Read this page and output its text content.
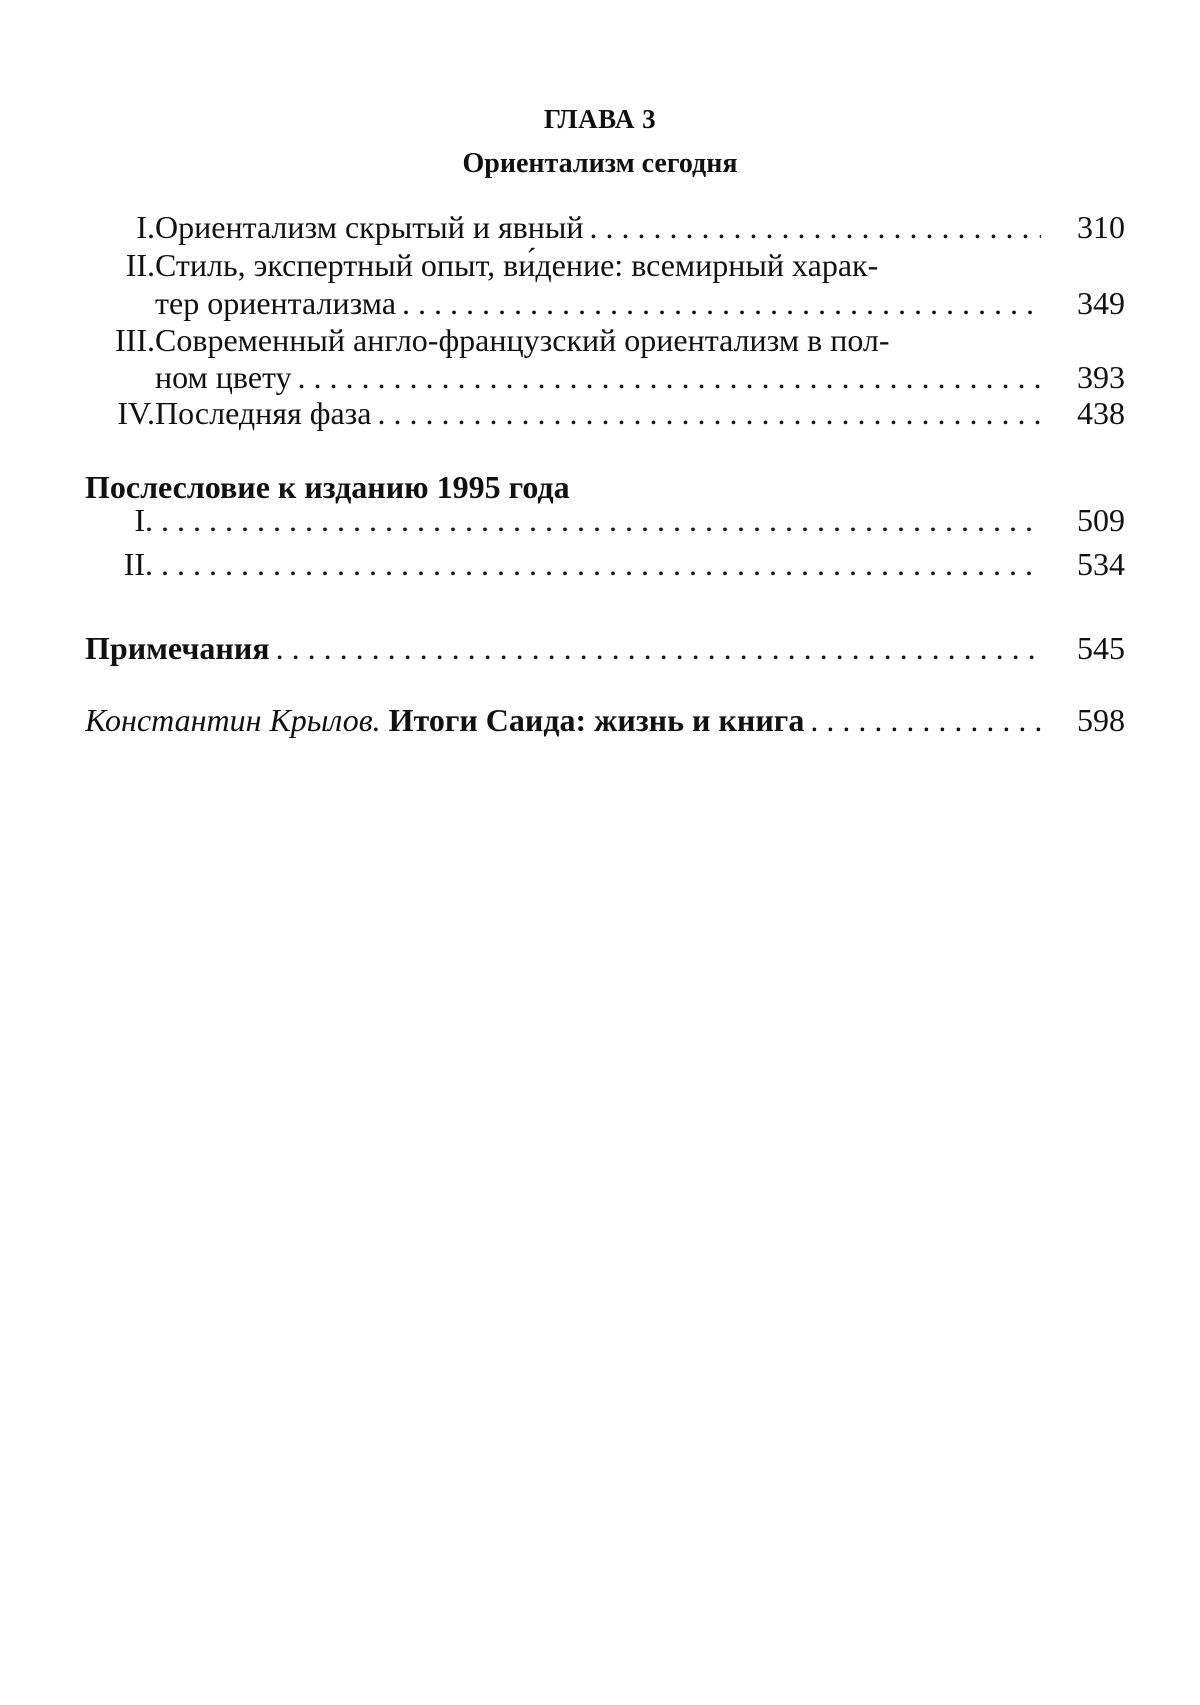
ГЛАВА 3
Ориентализм сегодня
I. Ориентализм скрытый и явный . . .	310
II. Стиль, экспертный опыт, ви́дение: всемирный харак-
тер ориентализма . . .	349
III. Современный англо-французский ориентализм в пол-
ном цвету . . .	393
IV. Последняя фаза . . .	438
Послесловие к изданию 1995 года
I . . .	509
II . . .	534
Примечания . . .	545
Константин Крылов.
Итоги Саида: жизнь и книга . . .	598
